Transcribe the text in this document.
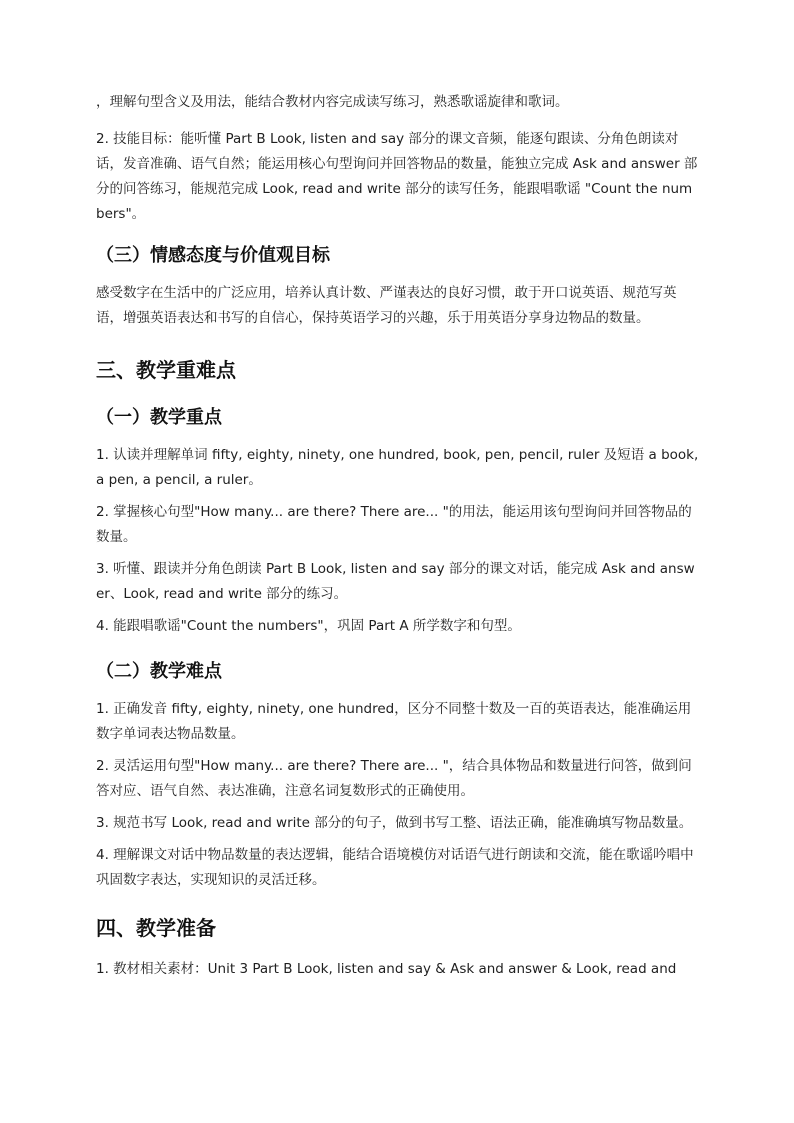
，理解句型含义及用法，能结合教材内容完成读写练习，熟悉歌谣旋律和歌词。

2. 技能目标：能听懂 Part B Look, listen and say 部分的课文音频，能逐句跟读、分角色朗读对话，发音准确、语气自然；能运用核心句型询问并回答物品的数量，能独立完成 Ask and answer 部分的问答练习，能规范完成 Look, read and write 部分的读写任务，能跟唱歌谣 "Count the numbers"。

（三）情感态度与价值观目标

感受数字在生活中的广泛应用，培养认真计数、严谨表达的良好习惯，敢于开口说英语、规范写英语，增强英语表达和书写的自信心，保持英语学习的兴趣，乐于用英语分享身边物品的数量。

三、教学重难点
（一）教学重点

1. 认读并理解单词 fifty, eighty, ninety, one hundred, book, pen, pencil, ruler 及短语 a book, a pen, a pencil, a ruler。

2. 掌握核心句型"How many... are there? There are... "的用法，能运用该句型询问并回答物品的数量。

3. 听懂、跟读并分角色朗读 Part B Look, listen and say 部分的课文对话，能完成 Ask and answer、Look, read and write 部分的练习。

4. 能跟唱歌谣"Count the numbers"，巩固 Part A 所学数字和句型。

（二）教学难点

1. 正确发音 fifty, eighty, ninety, one hundred，区分不同整十数及一百的英语表达，能准确运用数字单词表达物品数量。

2. 灵活运用句型"How many... are there? There are... "，结合具体物品和数量进行问答，做到问答对应、语气自然、表达准确，注意名词复数形式的正确使用。

3. 规范书写 Look, read and write 部分的句子，做到书写工整、语法正确，能准确填写物品数量。

4. 理解课文对话中物品数量的表达逻辑，能结合语境模仿对话语气进行朗读和交流，能在歌谣吟唱中巩固数字表达，实现知识的灵活迁移。

四、教学准备

1. 教材相关素材：Unit 3 Part B Look, listen and say & Ask and answer & Look, read and
